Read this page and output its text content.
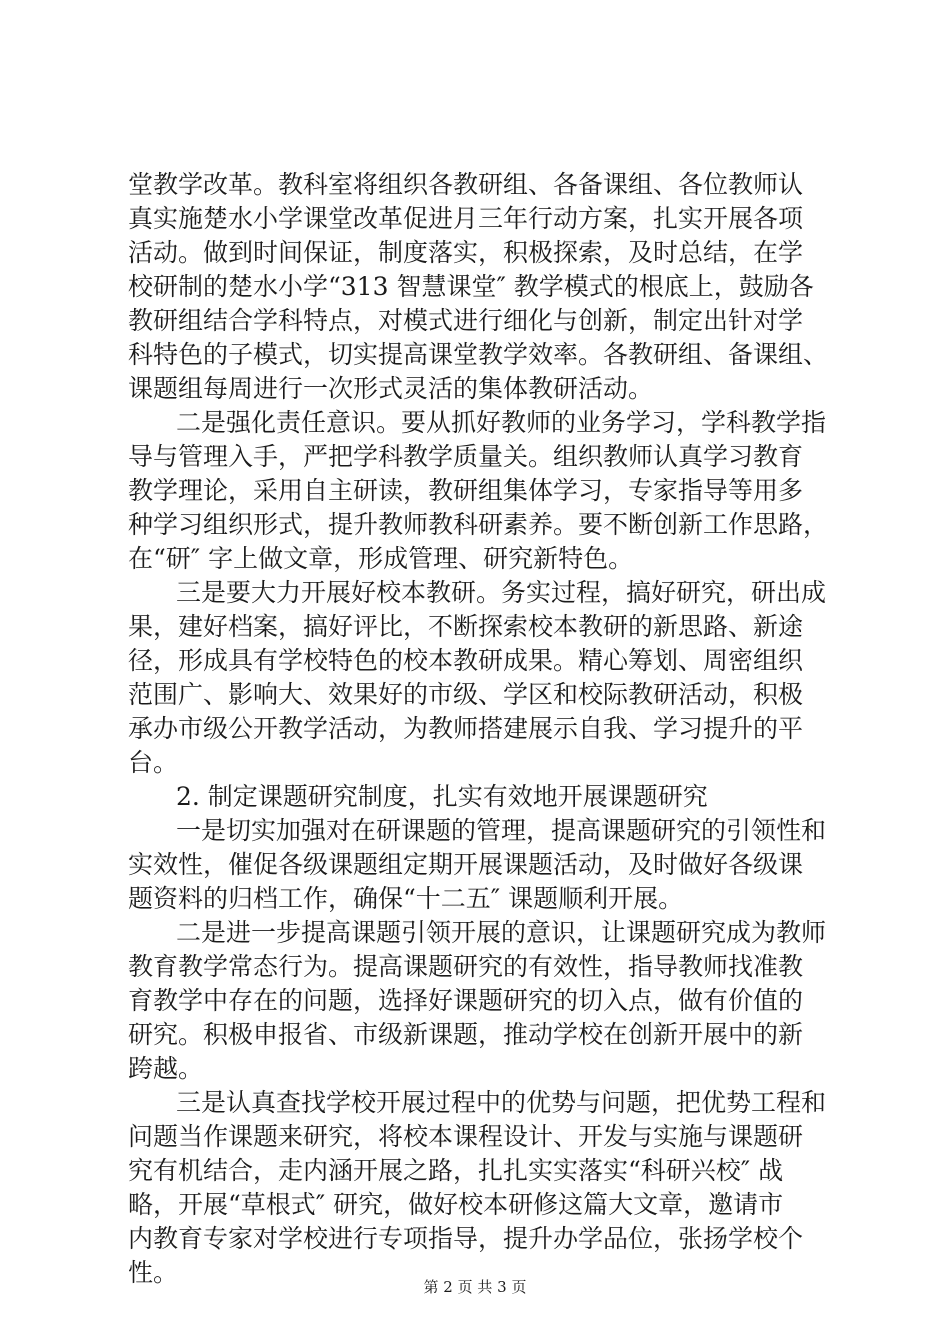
堂教学改革。教科室将组织各教研组、各备课组、各位教师认
真实施楚水小学课堂改革促进月三年行动方案，扎实开展各项
活动。做到时间保证，制度落实，积极探索，及时总结，在学
校研制的楚水小学“313 智慧课堂″ 教学模式的根底上，鼓励各
教研组结合学科特点，对模式进行细化与创新，制定出针对学
科特色的子模式，切实提高课堂教学效率。各教研组、备课组、
课题组每周进行一次形式灵活的集体教研活动。
二是强化责任意识。要从抓好教师的业务学习，学科教学指
导与管理入手，严把学科教学质量关。组织教师认真学习教育
教学理论，采用自主研读，教研组集体学习，专家指导等用多
种学习组织形式，提升教师教科研素养。要不断创新工作思路，
在“研″ 字上做文章，形成管理、研究新特色。
三是要大力开展好校本教研。务实过程，搞好研究，研出成
果，建好档案，搞好评比，不断探索校本教研的新思路、新途
径，形成具有学校特色的校本教研成果。精心筹划、周密组织
范围广、影响大、效果好的市级、学区和校际教研活动，积极
承办市级公开教学活动，为教师搭建展示自我、学习提升的平
台。
2. 制定课题研究制度，扎实有效地开展课题研究
一是切实加强对在研课题的管理，提高课题研究的引领性和
实效性，催促各级课题组定期开展课题活动，及时做好各级课
题资料的归档工作，确保“十二五″ 课题顺利开展。
二是进一步提高课题引领开展的意识，让课题研究成为教师
教育教学常态行为。提高课题研究的有效性，指导教师找准教
育教学中存在的问题，选择好课题研究的切入点，做有价值的
研究。积极申报省、市级新课题，推动学校在创新开展中的新
跨越。
三是认真查找学校开展过程中的优势与问题，把优势工程和
问题当作课题来研究，将校本课程设计、开发与实施与课题研
究有机结合，走内涵开展之路，扎扎实实落实“科研兴校″ 战
略，开展“草根式″ 研究，做好校本研修这篇大文章，邀请市
内教育专家对学校进行专项指导，提升办学品位，张扬学校个
性。	第 2 页 共 3 页
